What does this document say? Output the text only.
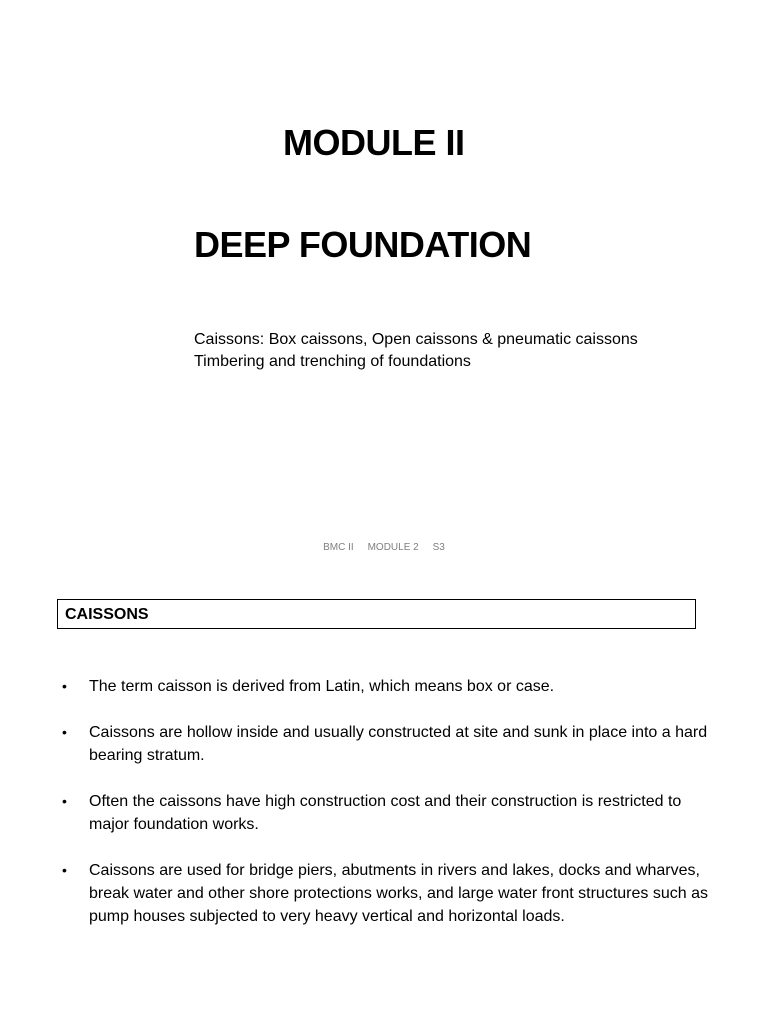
MODULE II
DEEP FOUNDATION
Caissons: Box caissons, Open caissons & pneumatic caissons
Timbering and trenching of foundations
BMC II     MODULE 2     S3
CAISSONS
• The term caisson is derived from Latin, which means box or case.
• Caissons are hollow inside and usually constructed at site and sunk in place into a hard bearing stratum.
• Often the caissons have high construction cost and their construction is restricted to major foundation works.
• Caissons are used for bridge piers, abutments in rivers and lakes, docks and wharves, break water and other shore protections works, and large water front structures such as pump houses subjected to very heavy vertical and horizontal loads.
